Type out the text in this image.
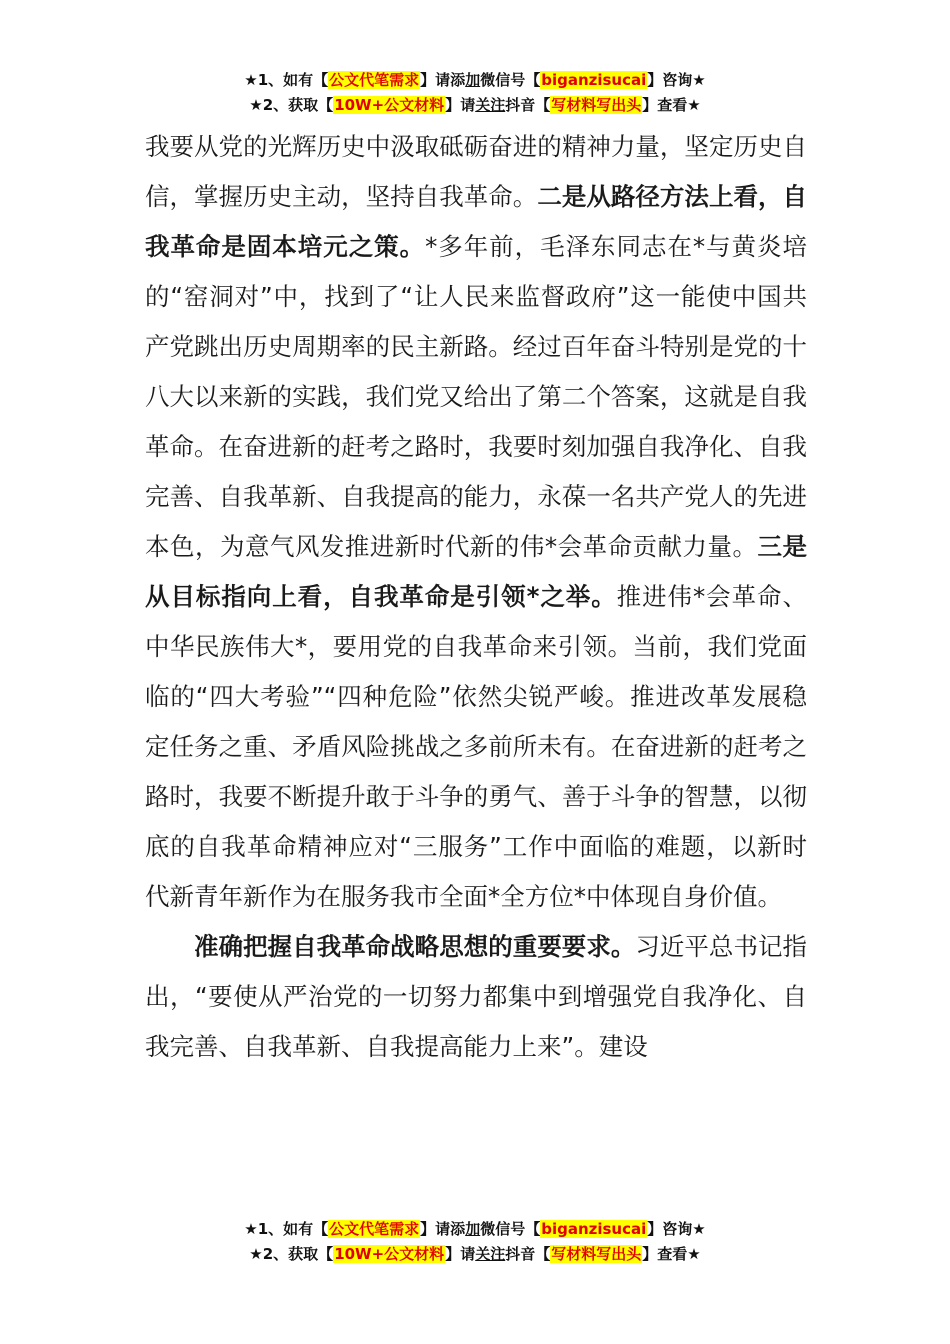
★1、如有【公文代笔需求】请添加微信号【biganzisucai】咨询★
★2、获取【10W+公文材料】请关注抖音【写材料写出头】查看★

我要从党的光辉历史中汲取砥砺奋进的精神力量，坚定历史自信，掌握历史主动，坚持自我革命。二是从路径方法上看，自我革命是固本培元之策。*多年前，毛泽东同志在*与黄炎培的“窑洞对”中，找到了“让人民来监督政府”这一能使中国共产党跳出历史周期率的民主新路。经过百年奋斗特别是党的十八大以来新的实践，我们党又给出了第二个答案，这就是自我革命。在奋进新的赶考之路时，我要时刻加强自我净化、自我完善、自我革新、自我提高的能力，永葆一名共产党人的先进本色，为意气风发推进新时代新的伟*会革命贡献力量。三是从目标指向上看，自我革命是引领*之举。推进伟*会革命、中华民族伟大*，要用党的自我革命来引领。当前，我们党面临的“四大考验”“四种危险”依然尖锐严峻。推进改革发展稳定任务之重、矛盾风险挑战之多前所未有。在奋进新的赶考之路时，我要不断提升敢于斗争的勇气、善于斗争的智慧，以彻底的自我革命精神应对“三服务”工作中面临的难题，以新时代新青年新作为在服务我市全面*全方位*中体现自身价值。

准确把握自我革命战略思想的重要要求。习近平总书记指出，“要使从严治党的一切努力都集中到增强党自我净化、自我完善、自我革新、自我提高能力上来”。建设

★1、如有【公文代笔需求】请添加微信号【biganzisucai】咨询★
★2、获取【10W+公文材料】请关注抖音【写材料写出头】查看★
